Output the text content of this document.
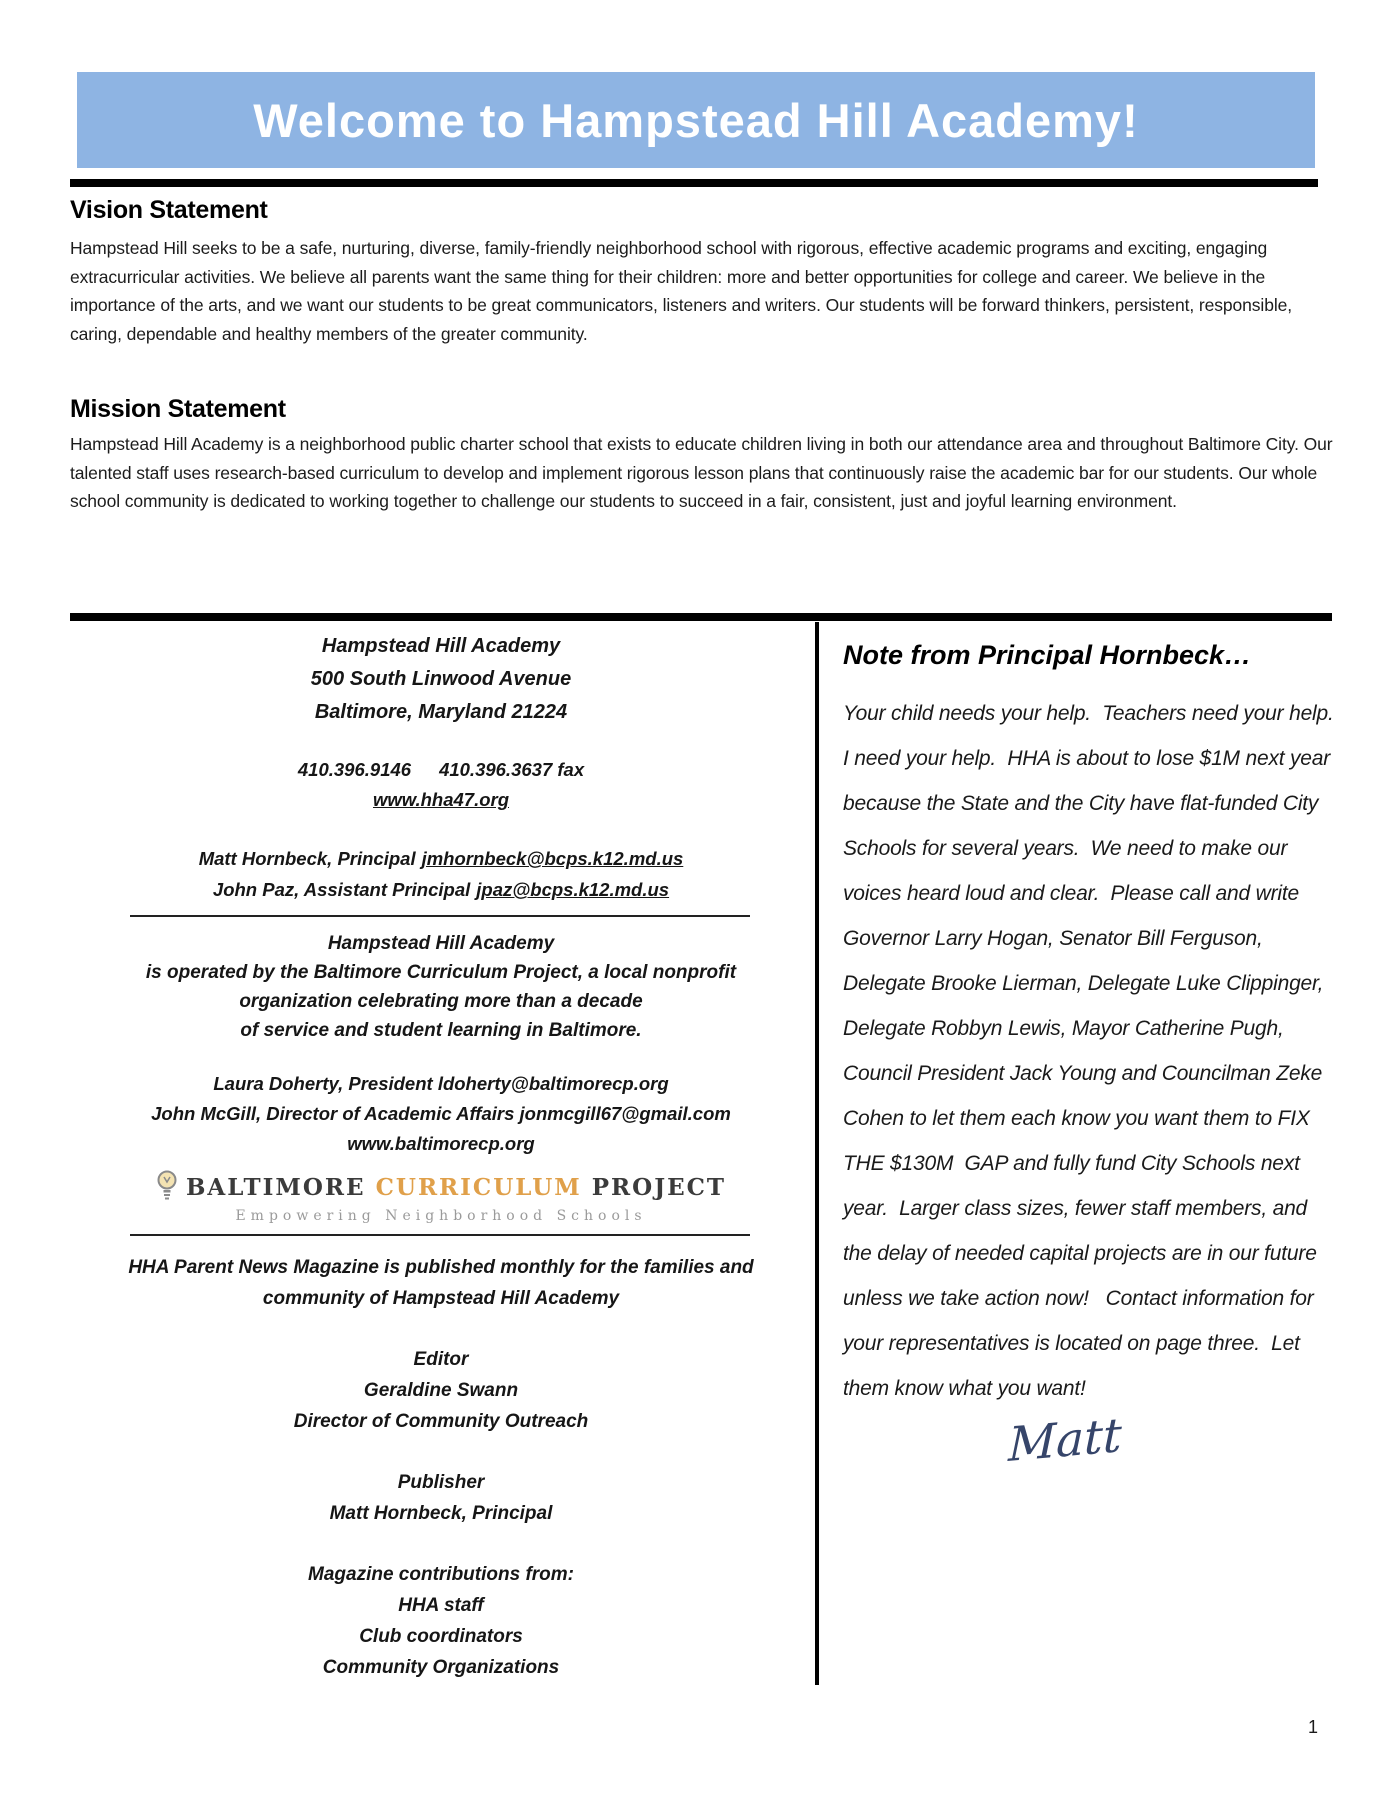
Welcome to Hampstead Hill Academy!
Vision Statement
Hampstead Hill seeks to be a safe, nurturing, diverse, family-friendly neighborhood school with rigorous, effective academic programs and exciting, engaging extracurricular activities. We believe all parents want the same thing for their children: more and better opportunities for college and career. We believe in the importance of the arts, and we want our students to be great communicators, listeners and writers. Our students will be forward thinkers, persistent, responsible, caring, dependable and healthy members of the greater community.
Mission Statement
Hampstead Hill Academy is a neighborhood public charter school that exists to educate children living in both our attendance area and throughout Baltimore City. Our talented staff uses research-based curriculum to develop and implement rigorous lesson plans that continuously raise the academic bar for our students. Our whole school community is dedicated to working together to challenge our students to succeed in a fair, consistent, just and joyful learning environment.
Hampstead Hill Academy
500 South Linwood Avenue
Baltimore, Maryland 21224
410.396.9146 410.396.3637 fax
www.hha47.org
Matt Hornbeck, Principal jmhornbeck@bcps.k12.md.us
John Paz, Assistant Principal jpaz@bcps.k12.md.us
Hampstead Hill Academy
is operated by the Baltimore Curriculum Project, a local nonprofit
organization celebrating more than a decade
of service and student learning in Baltimore.
Laura Doherty, President ldoherty@baltimorecp.org
John McGill, Director of Academic Affairs jonmcgill67@gmail.com
www.baltimorecp.org
BALTIMORE CURRICULUM PROJECT
Empowering Neighborhood Schools
HHA Parent News Magazine is published monthly for the families and
community of Hampstead Hill Academy
Editor
Geraldine Swann
Director of Community Outreach
Publisher
Matt Hornbeck, Principal
Magazine contributions from:
HHA staff
Club coordinators
Community Organizations
Note from Principal Hornbeck…
Your child needs your help.  Teachers need your help.  I need your help.  HHA is about to lose $1M next year because the State and the City have flat-funded City Schools for several years.  We need to make our voices heard loud and clear.  Please call and write Governor Larry Hogan, Senator Bill Ferguson, Delegate Brooke Lierman, Delegate Luke Clippinger, Delegate Robbyn Lewis, Mayor Catherine Pugh, Council President Jack Young and Councilman Zeke Cohen to let them each know you want them to FIX THE $130M  GAP and fully fund City Schools next year.  Larger class sizes, fewer staff members, and the delay of needed capital projects are in our future unless we take action now!   Contact information for your representatives is located on page three.  Let them know what you want!
Matt
1
